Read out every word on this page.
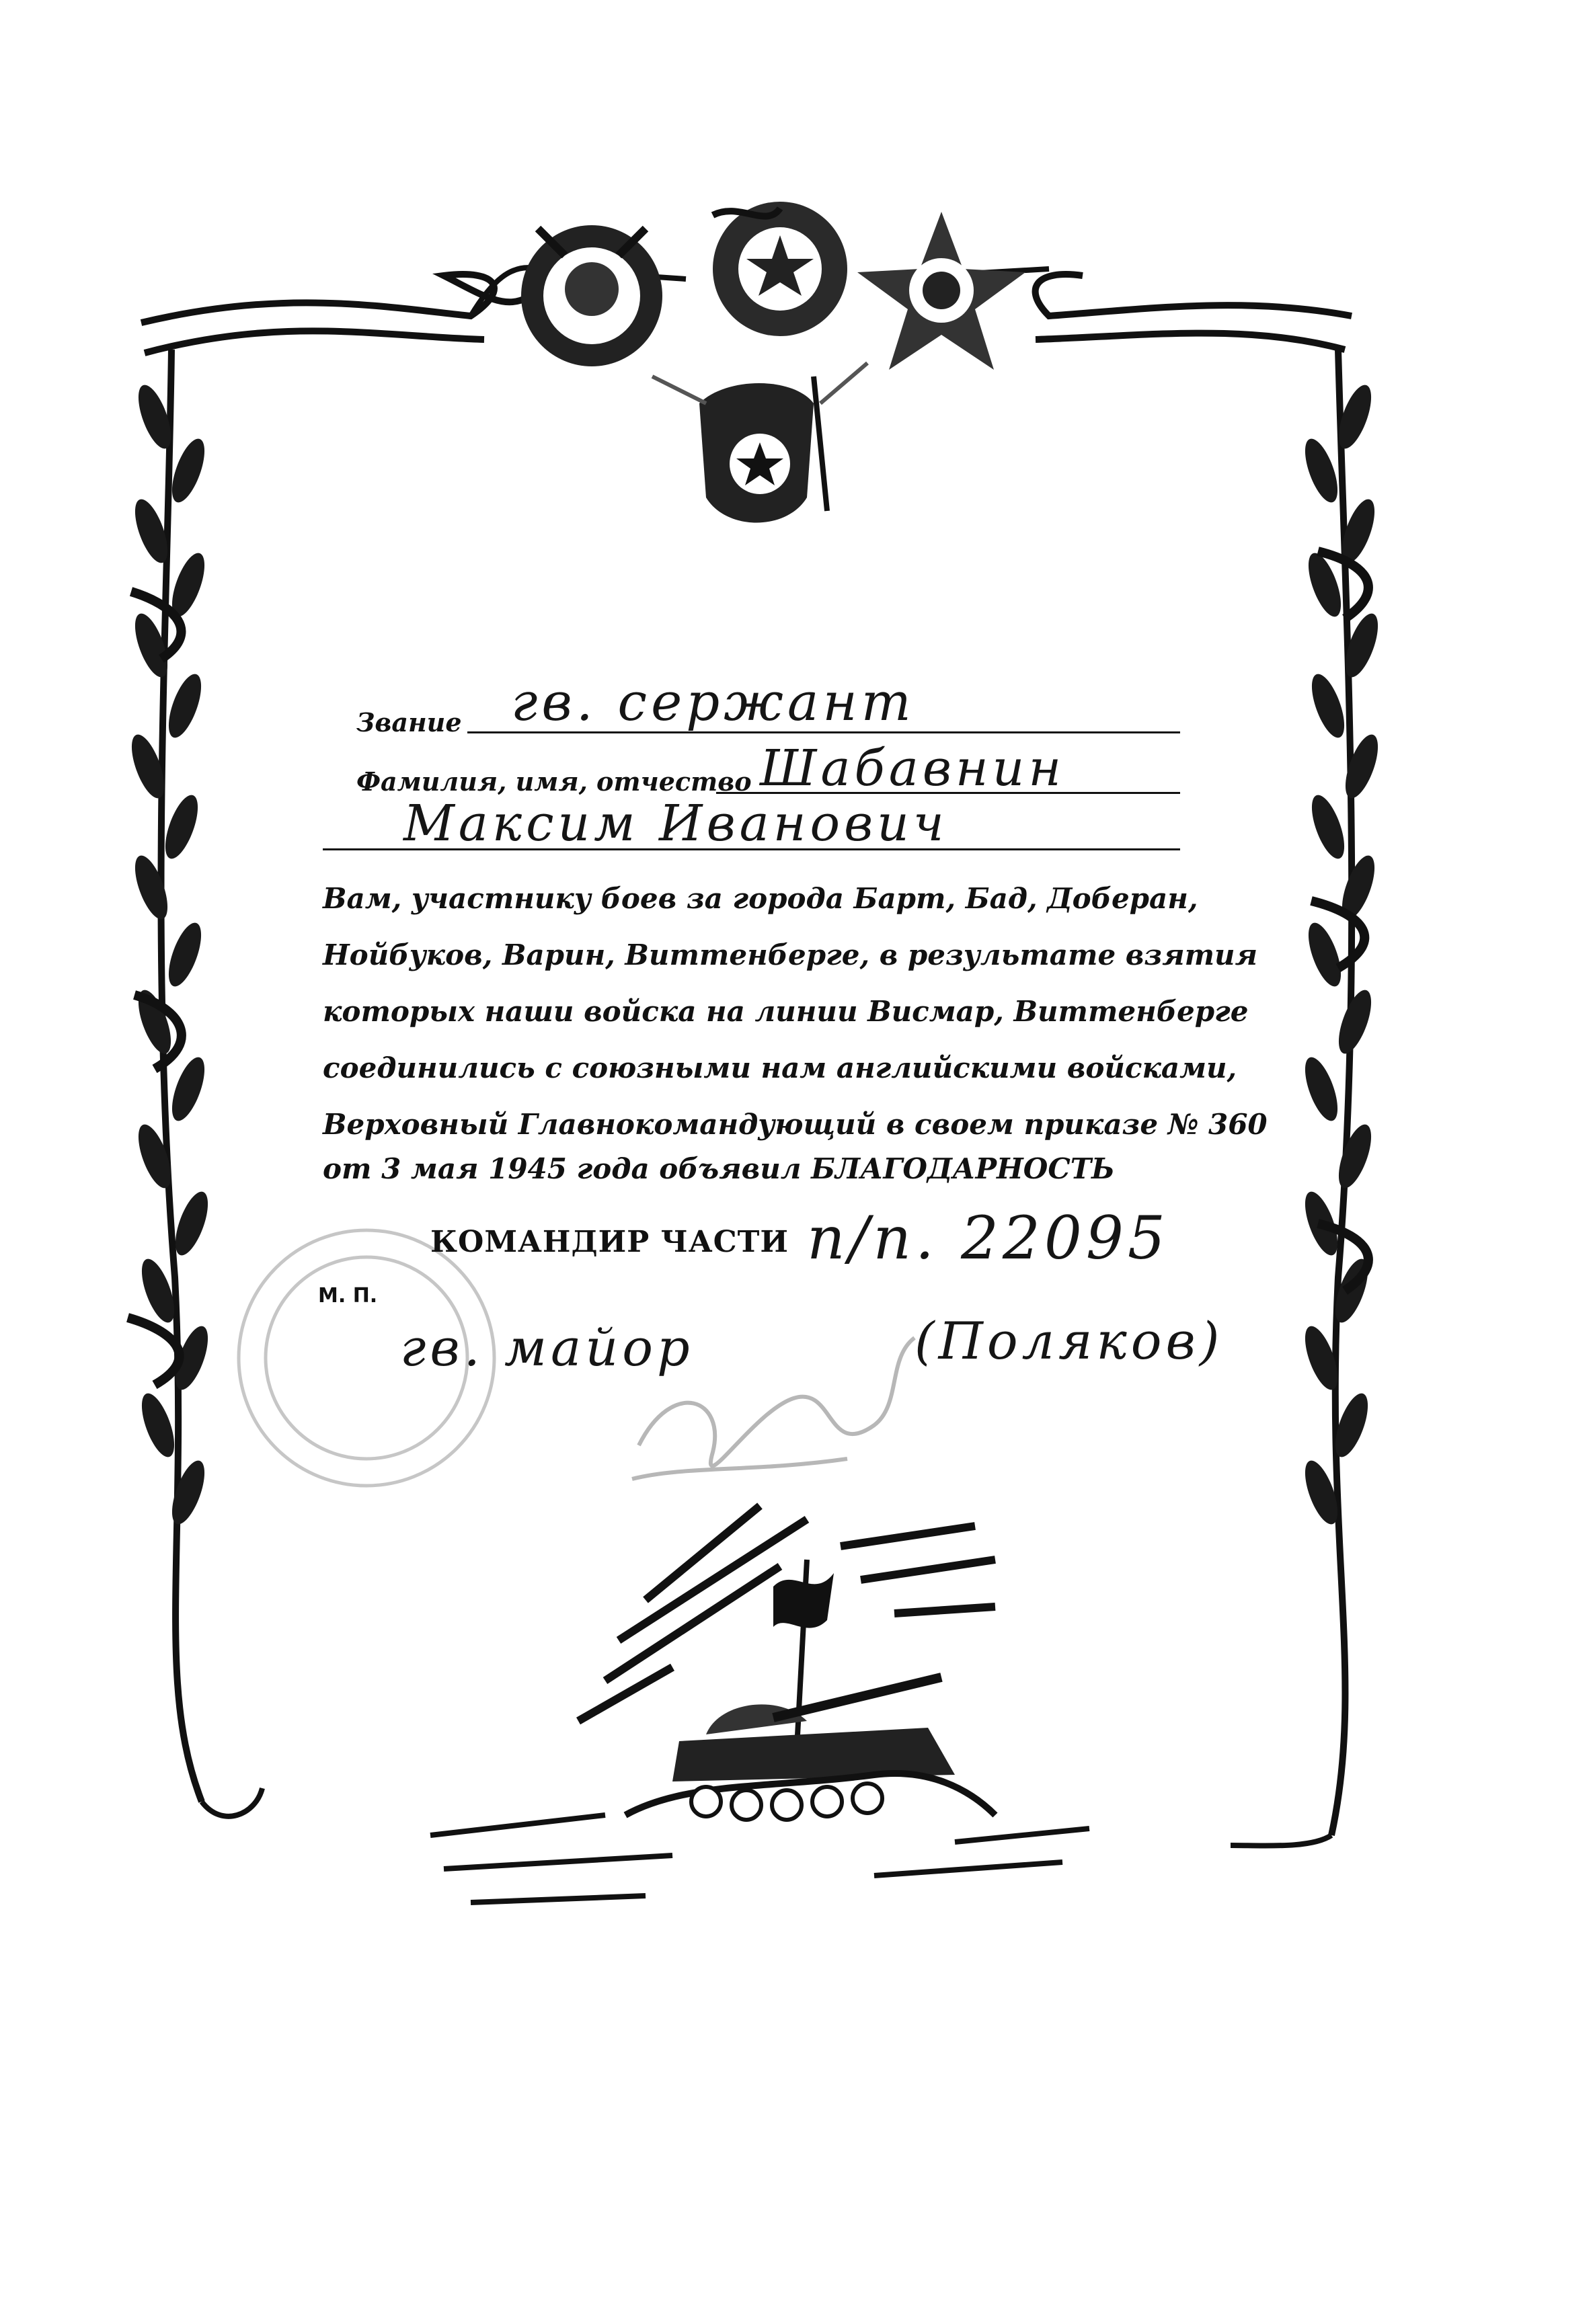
Звание гв. сержант
Фамилия, имя, отчество Шабавнин
Максим Иванович
Вам, участнику боев за города Барт, Бад, Доберан,
Нойбуков, Варин, Виттенберге, в результате взятия
которых наши войска на линии Висмар, Виттенберге
соединились с союзными нам английскими войсками,
Верховный Главнокомандующий в своем приказе № 360
от 3 мая 1945 года объявил БЛАГОДАРНОСТЬ
КОМАНДИР ЧАСТИ п/п. 22095
М. П.
гв. майор	(Поляков)
